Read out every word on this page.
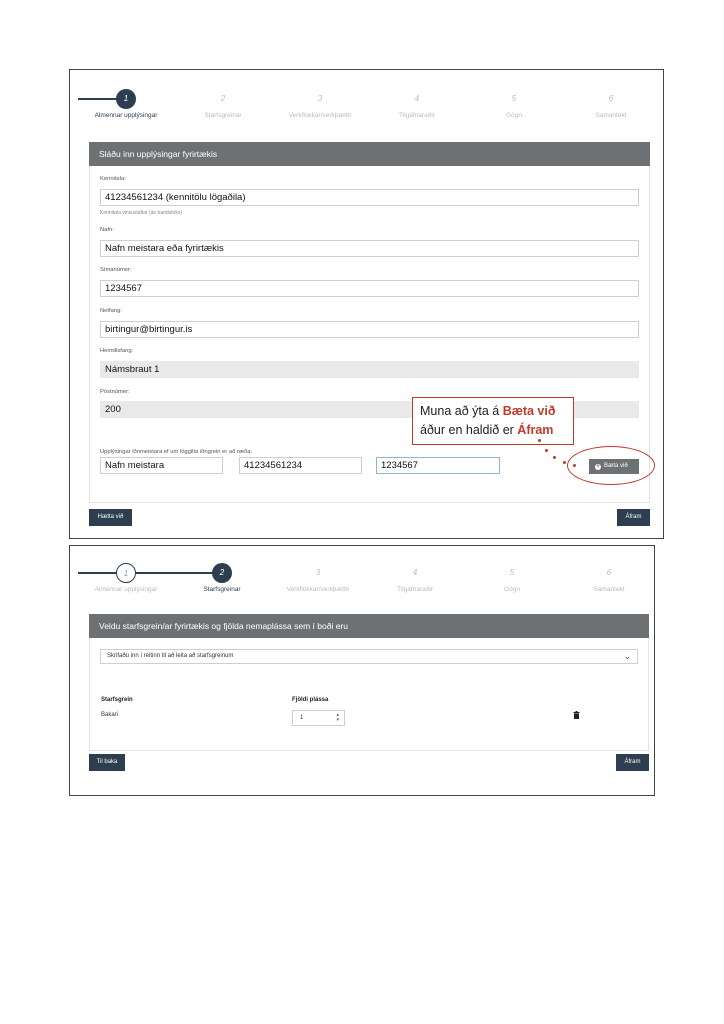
1
Almennar upplýsingar
2
Starfsgreinar
3
Verkflokkar/verkþættir
4
Tilgáfnaraðir
5
Gögn
6
Samantekt
Sláðu inn upplýsingar fyrirtækis
Kennitala:
41234561234 (kennitölu lögaðila)
Kennitala vinsustafiar (án bandstriks)
Nafn:
Nafn meistara eða fyrirtækis
Símanúmer:
1234567
Netfang:
birtingur@birtingur.is
Heimilisfang:
Námsbraut 1
Póstnúmer:
200
Upplýsingar iðnmeistara ef um löggilta iðngrein er að ræða:
Nafn meistara	41234561234	1234567	+ Bæta við
Hætta við	Áfram
Muna að ýta á Bæta við
áður en haldið er Áfram
1
Almennar upplýsingar
2
Starfsgreinar
3
Verkflokkar/verkþættir
4
Tilgáfnaraðir
5
Gögn
6
Samantekt
Veldu starfsgrein/ar fyrirtækis og fjölda nemaplássa sem í boði eru
Skrifaðu inn í reitinn til að leita að starfsgreinum	⌄
Starfsgrein	Fjöldi plássa
Bakari	1	▴
▾
Til baka	Áfram
